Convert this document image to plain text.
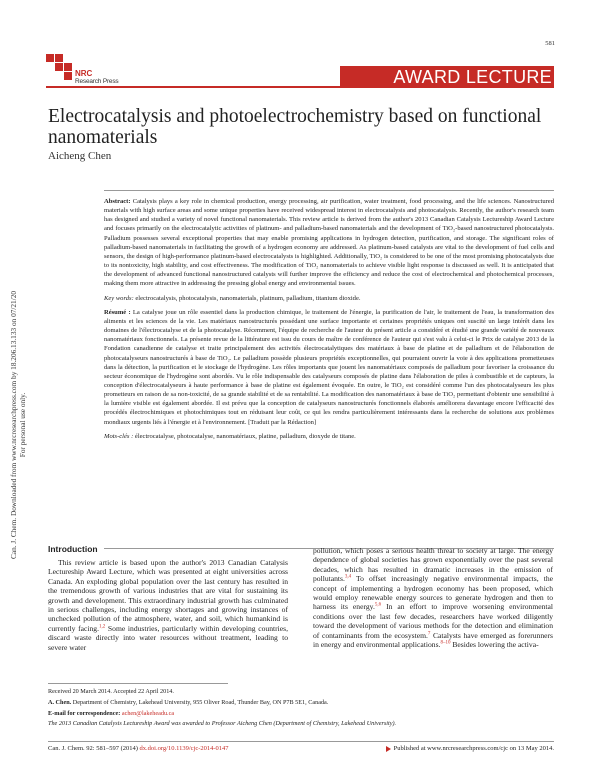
581
NRC
Research Press	AWARD LECTURE
Electrocatalysis and photoelectrochemistry based on functional nanomaterials
Aicheng Chen

Abstract: Catalysis plays a key role in chemical production, energy processing, air purification, water treatment, food processing, and the life sciences. Nanostructured materials with high surface areas and some unique properties have received widespread interest in electrocatalysis and photocatalysis. Recently, the author's research team has designed and studied a variety of novel functional nanomaterials. This review article is derived from the author's 2013 Canadian Catalysis Lectureship Award Lecture and focuses primarily on the electrocatalytic activities of platinum- and palladium-based nanomaterials and the development of TiO₂-based nanostructured photocatalysts. Palladium possesses several exceptional properties that may enable promising applications in hydrogen detection, purification, and storage. The significant roles of palladium-based nanomaterials in facilitating the growth of a hydrogen economy are addressed. As platinum-based catalysts are vital to the development of fuel cells and sensors, the design of high-performance platinum-based electrocatalysts is highlighted. Additionally, TiO₂ is considered to be one of the most promising photocatalysts due to its nontoxicity, high stability, and cost effectiveness. The modification of TiO₂ nanomaterials to achieve visible light response is discussed as well. It is anticipated that the development of advanced functional nanostructured catalysts will further improve the efficiency and reduce the cost of electrochemical and photochemical processes, making them more attractive in addressing the pressing global energy and environmental issues.

Key words: electrocatalysis, photocatalysis, nanomaterials, platinum, palladium, titanium dioxide.

Résumé : La catalyse joue un rôle essentiel dans la production chimique, le traitement de l'énergie, la purification de l'air, le traitement de l'eau, la transformation des aliments et les sciences de la vie. Les matériaux nanostructurés possédant une surface importante et certaines propriétés uniques ont suscité un large intérêt dans les domaines de l'électrocatalyse et de la photocatalyse. Récemment, l'équipe de recherche de l'auteur du présent article a considéré et étudié une grande variété de nouveaux nanomatériaux fonctionnels. La présente revue de la littérature est issu du cours de maître de conférence de l'auteur qui s'est valu à celui-ci le Prix de catalyse 2013 de la Fondation canadienne de catalyse et traite principalement des activités électrocatalytiques des matériaux à base de platine et de palladium et de l'élaboration de photocatalyseurs nanostructurés à base de TiO₂. Le palladium possède plusieurs propriétés exceptionnelles, qui pourraient ouvrir la voie à des applications prometteuses dans la détection, la purification et le stockage de l'hydrogène. Les rôles importants que jouent les nanomatériaux composés de palladium pour favoriser la croissance du secteur économique de l'hydrogène sont abordés. Vu le rôle indispensable des catalyseurs composés de platine dans l'élaboration de piles à combustible et de capteurs, la conception d'électrocatalyseurs à haute performance à base de platine est également évoquée. En outre, le TiO₂ est considéré comme l'un des photocatalyseurs les plus prometteurs en raison de sa non-toxicité, de sa grande stabilité et de sa rentabilité. La modification des nanomatériaux à base de TiO₂ permettant d'obtenir une sensibilité à la lumière visible est également abordée. Il est prévu que la conception de catalyseurs nanostructurés fonctionnels élaborés améliorera davantage encore l'efficacité des procédés électrochimiques et photochimiques tout en réduisant leur coût, ce qui les rendra particulièrement intéressants dans la recherche de solutions aux problèmes mondiaux urgents liés à l'énergie et à l'environnement. [Traduit par la Rédaction]

Mots-clés : électrocatalyse, photocatalyse, nanomatériaux, platine, palladium, dioxyde de titane.

Can. J. Chem. Downloaded from www.nrcresearchpress.com by 18.206.13.133 on 07/21/20 For personal use only.
Introduction

This review article is based upon the author's 2013 Canadian Catalysis Lectureship Award Lecture, which was presented at eight universities across Canada. An exploding global population over the last century has resulted in the tremendous growth of various industries that are vital for sustaining its growth and development. This extraordinary industrial growth has culminated in serious challenges, including energy shortages and growing instances of unchecked pollution of the atmosphere, water, and soil, which humankind is currently facing.$^{1,2}$ Some industries, particularly within developing countries, discard waste directly into water resources without treatment, leading to severe water

pollution, which poses a serious health threat to society at large. The energy dependence of global societies has grown exponentially over the past several decades, which has resulted in dramatic increases in the emission of pollutants.$^{3,4}$ To offset increasingly negative environmental impacts, the concept of implementing a hydrogen economy has been proposed, which would employ renewable energy sources to generate hydrogen and then to harness its energy.$^{5,6}$ In an effort to improve worsening environmental conditions over the last few decades, researchers have worked diligently toward the development of various methods for the detection and elimination of contaminants from the ecosystem.$^7$ Catalysts have emerged as forerunners in energy and environmental applications.$^{8-10}$ Besides lowering the activa-

Received 20 March 2014. Accepted 22 April 2014.
A. Chen. Department of Chemistry, Lakehead University, 955 Oliver Road, Thunder Bay, ON P7B 5E1, Canada.
E-mail for correspondence: achen@lakeheadu.ca
The 2013 Canadian Catalysis Lectureship Award was awarded to Professor Aicheng Chen (Department of Chemistry, Lakehead University).
Can. J. Chem. 92: 581–597 (2014) dx.doi.org/10.1139/cjc-2014-0147	Published at www.nrcresearchpress.com/cjc on 13 May 2014.
